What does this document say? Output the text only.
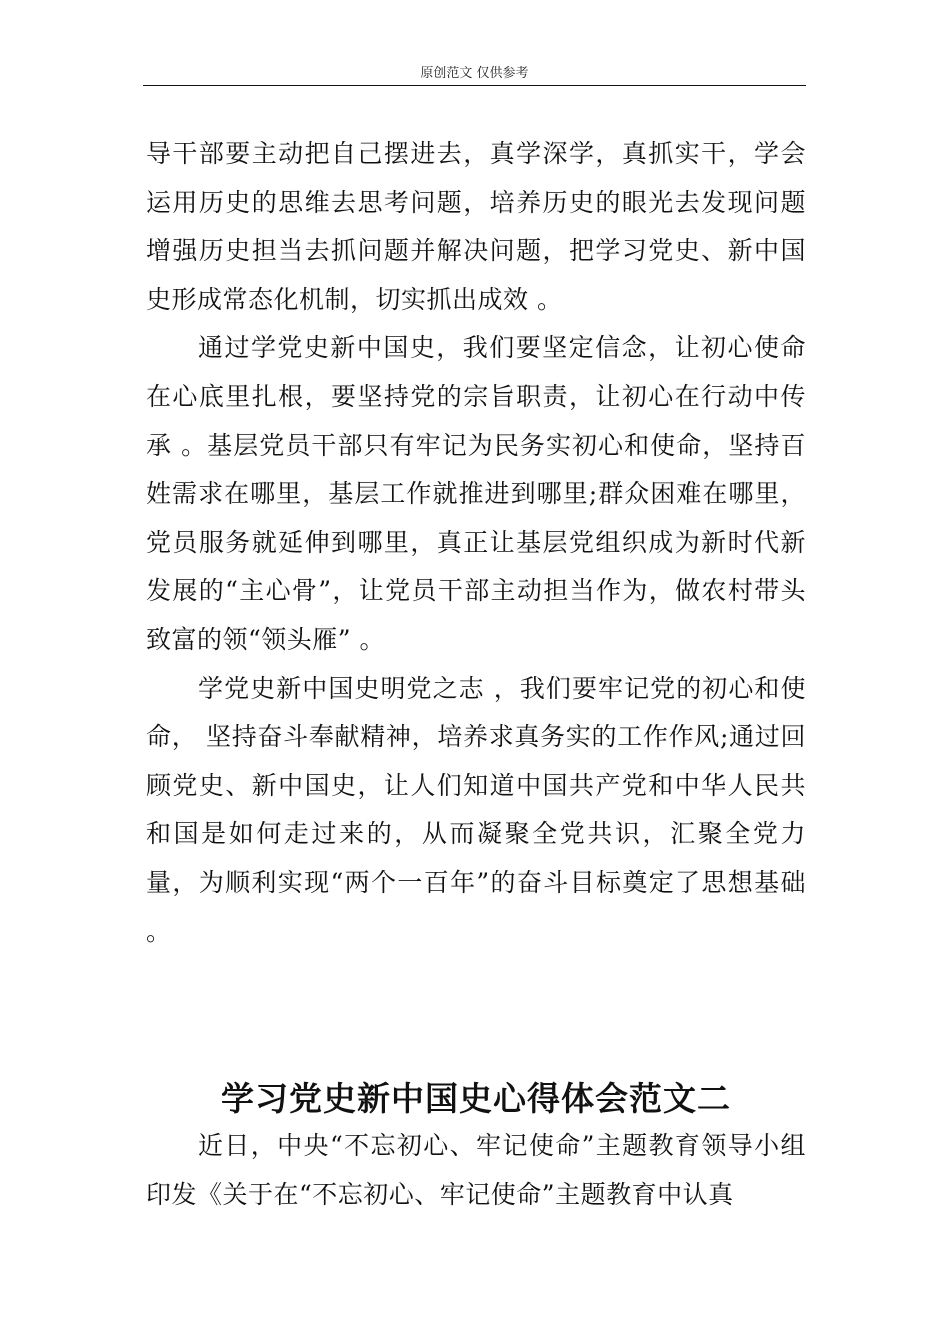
原创范文 仅供参考

导干部要主动把自己摆进去，真学深学，真抓实干，学会运用历史的思维去思考问题，培养历史的眼光去发现问题增强历史担当去抓问题并解决问题，把学习党史、新中国史形成常态化机制，切实抓出成效 。

通过学党史新中国史，我们要坚定信念，让初心使命在心底里扎根，要坚持党的宗旨职责，让初心在行动中传承 。基层党员干部只有牢记为民务实初心和使命，坚持百姓需求在哪里，基层工作就推进到哪里;群众困难在哪里，党员服务就延伸到哪里，真正让基层党组织成为新时代新发展的“主心骨”，让党员干部主动担当作为，做农村带头致富的领“领头雁” 。

学党史新中国史明党之志 ，我们要牢记党的初心和使命， 坚持奋斗奉献精神，培养求真务实的工作作风;通过回顾党史、新中国史，让人们知道中国共产党和中华人民共和国是如何走过来的，从而凝聚全党共识，汇聚全党力量，为顺利实现“两个一百年”的奋斗目标奠定了思想基础 。

学习党史新中国史心得体会范文二

近日，中央“不忘初心、牢记使命”主题教育领导小组印发《关于在“不忘初心、牢记使命”主题教育中认真
